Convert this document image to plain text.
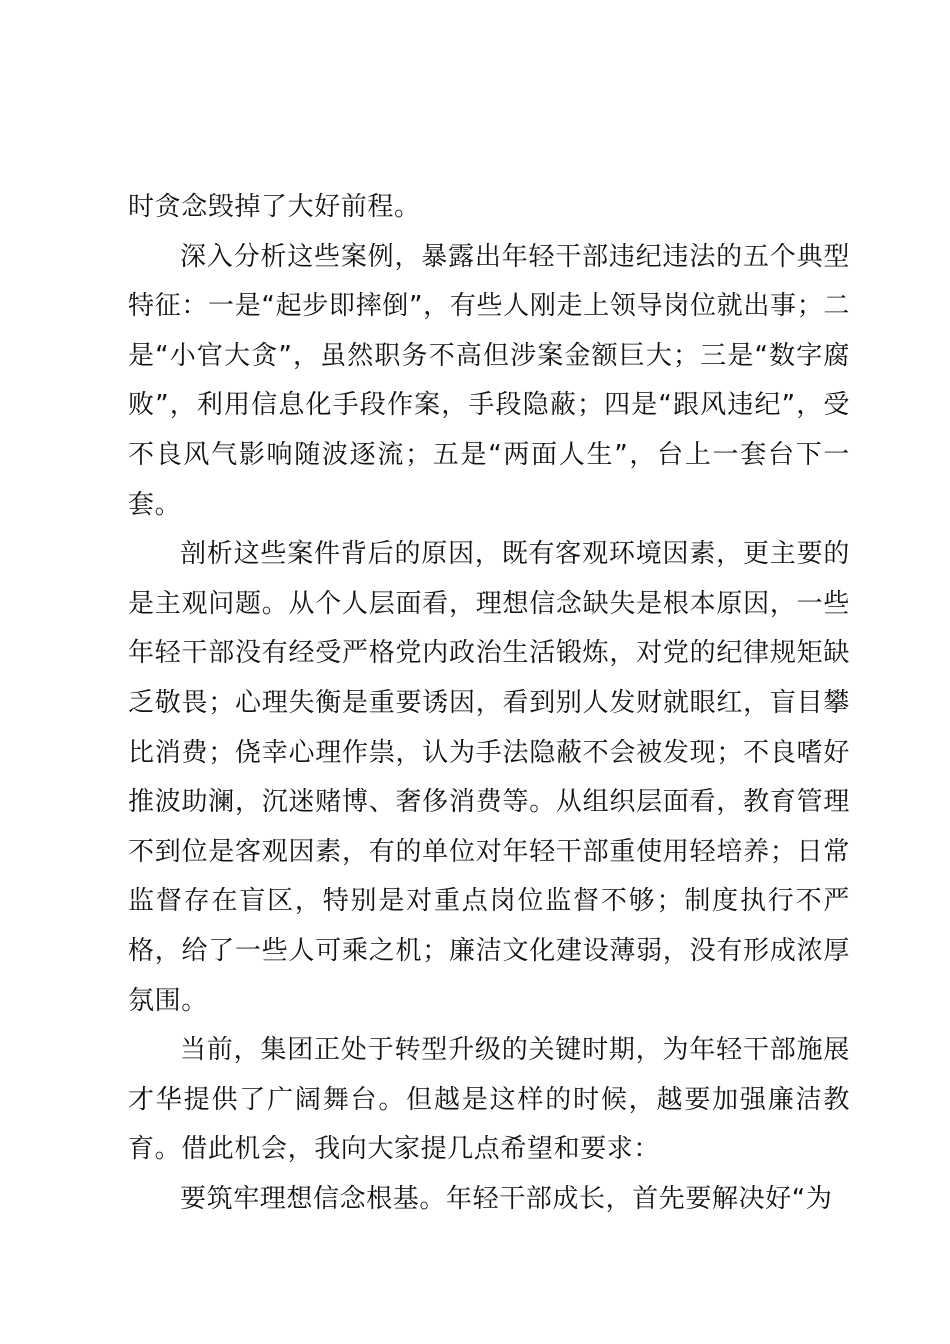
时贪念毁掉了大好前程。

深入分析这些案例，暴露出年轻干部违纪违法的五个典型特征：一是“起步即摔倒”，有些人刚走上领导岗位就出事；二是“小官大贪”，虽然职务不高但涉案金额巨大；三是“数字腐败”，利用信息化手段作案，手段隐蔽；四是“跟风违纪”，受不良风气影响随波逐流；五是“两面人生”，台上一套台下一套。

剖析这些案件背后的原因，既有客观环境因素，更主要的是主观问题。从个人层面看，理想信念缺失是根本原因，一些年轻干部没有经受严格党内政治生活锻炼，对党的纪律规矩缺乏敬畏；心理失衡是重要诱因，看到别人发财就眼红，盲目攀比消费；侥幸心理作祟，认为手法隐蔽不会被发现；不良嗜好推波助澜，沉迷赌博、奢侈消费等。从组织层面看，教育管理不到位是客观因素，有的单位对年轻干部重使用轻培养；日常监督存在盲区，特别是对重点岗位监督不够；制度执行不严格，给了一些人可乘之机；廉洁文化建设薄弱，没有形成浓厚氛围。

当前，集团正处于转型升级的关键时期，为年轻干部施展才华提供了广阔舞台。但越是这样的时候，越要加强廉洁教育。借此机会，我向大家提几点希望和要求：

要筑牢理想信念根基。年轻干部成长，首先要解决好“为
